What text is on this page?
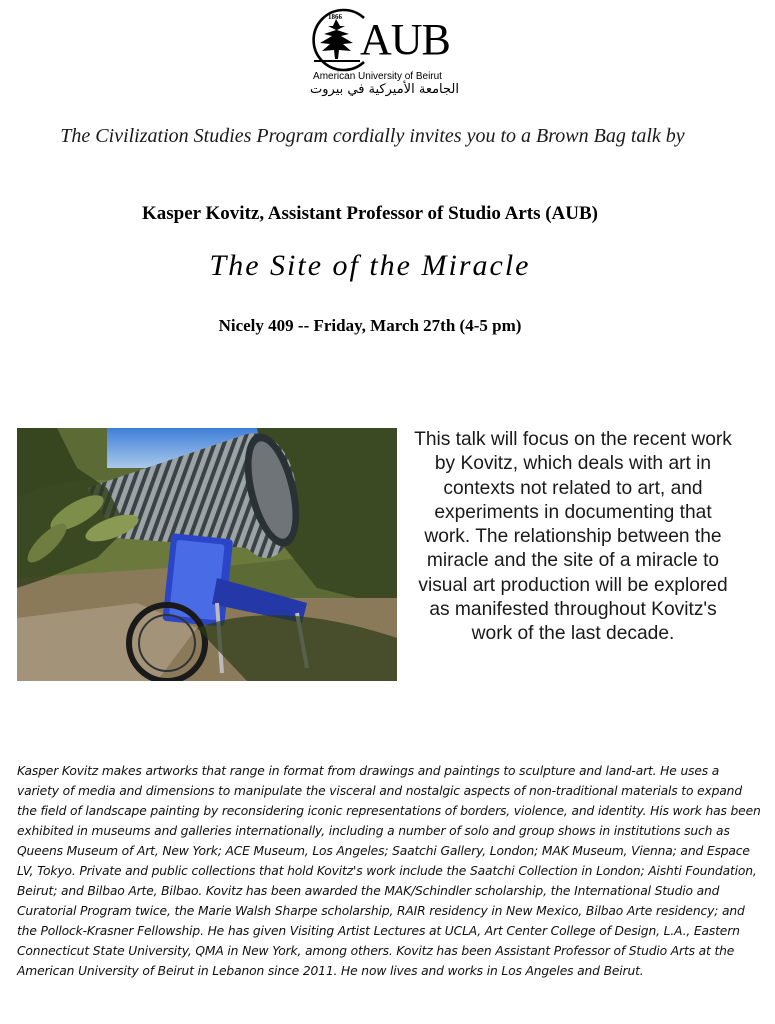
1866 AUB
American University of Beirut
الجامعة الأميركية في بيروت
The Civilization Studies Program cordially invites you to a Brown Bag talk by
Kasper Kovitz, Assistant Professor of Studio Arts (AUB)
The Site of the Miracle
Nicely 409 -- Friday, March 27th (4-5 pm)
This talk will focus on the recent work by Kovitz, which deals with art in contexts not related to art, and experiments in documenting that work. The relationship between the miracle and the site of a miracle to visual art production will be explored as manifested throughout Kovitz's work of the last decade.
Kasper Kovitz makes artworks that range in format from drawings and paintings to sculpture and land-art. He uses a variety of media and dimensions to manipulate the visceral and nostalgic aspects of non-traditional materials to expand the field of landscape painting by reconsidering iconic representations of borders, violence, and identity. His work has been exhibited in museums and galleries internationally, including a number of solo and group shows in institutions such as Queens Museum of Art, New York; ACE Museum, Los Angeles; Saatchi Gallery, London; MAK Museum, Vienna; and Espace LV, Tokyo. Private and public collections that hold Kovitz's work include the Saatchi Collection in London; Aishti Foundation, Beirut; and Bilbao Arte, Bilbao. Kovitz has been awarded the MAK/Schindler scholarship, the International Studio and Curatorial Program twice, the Marie Walsh Sharpe scholarship, RAIR residency in New Mexico, Bilbao Arte residency; and the Pollock-Krasner Fellowship. He has given Visiting Artist Lectures at UCLA, Art Center College of Design, L.A., Eastern Connecticut State University, QMA in New York, among others. Kovitz has been Assistant Professor of Studio Arts at the American University of Beirut in Lebanon since 2011. He now lives and works in Los Angeles and Beirut.
